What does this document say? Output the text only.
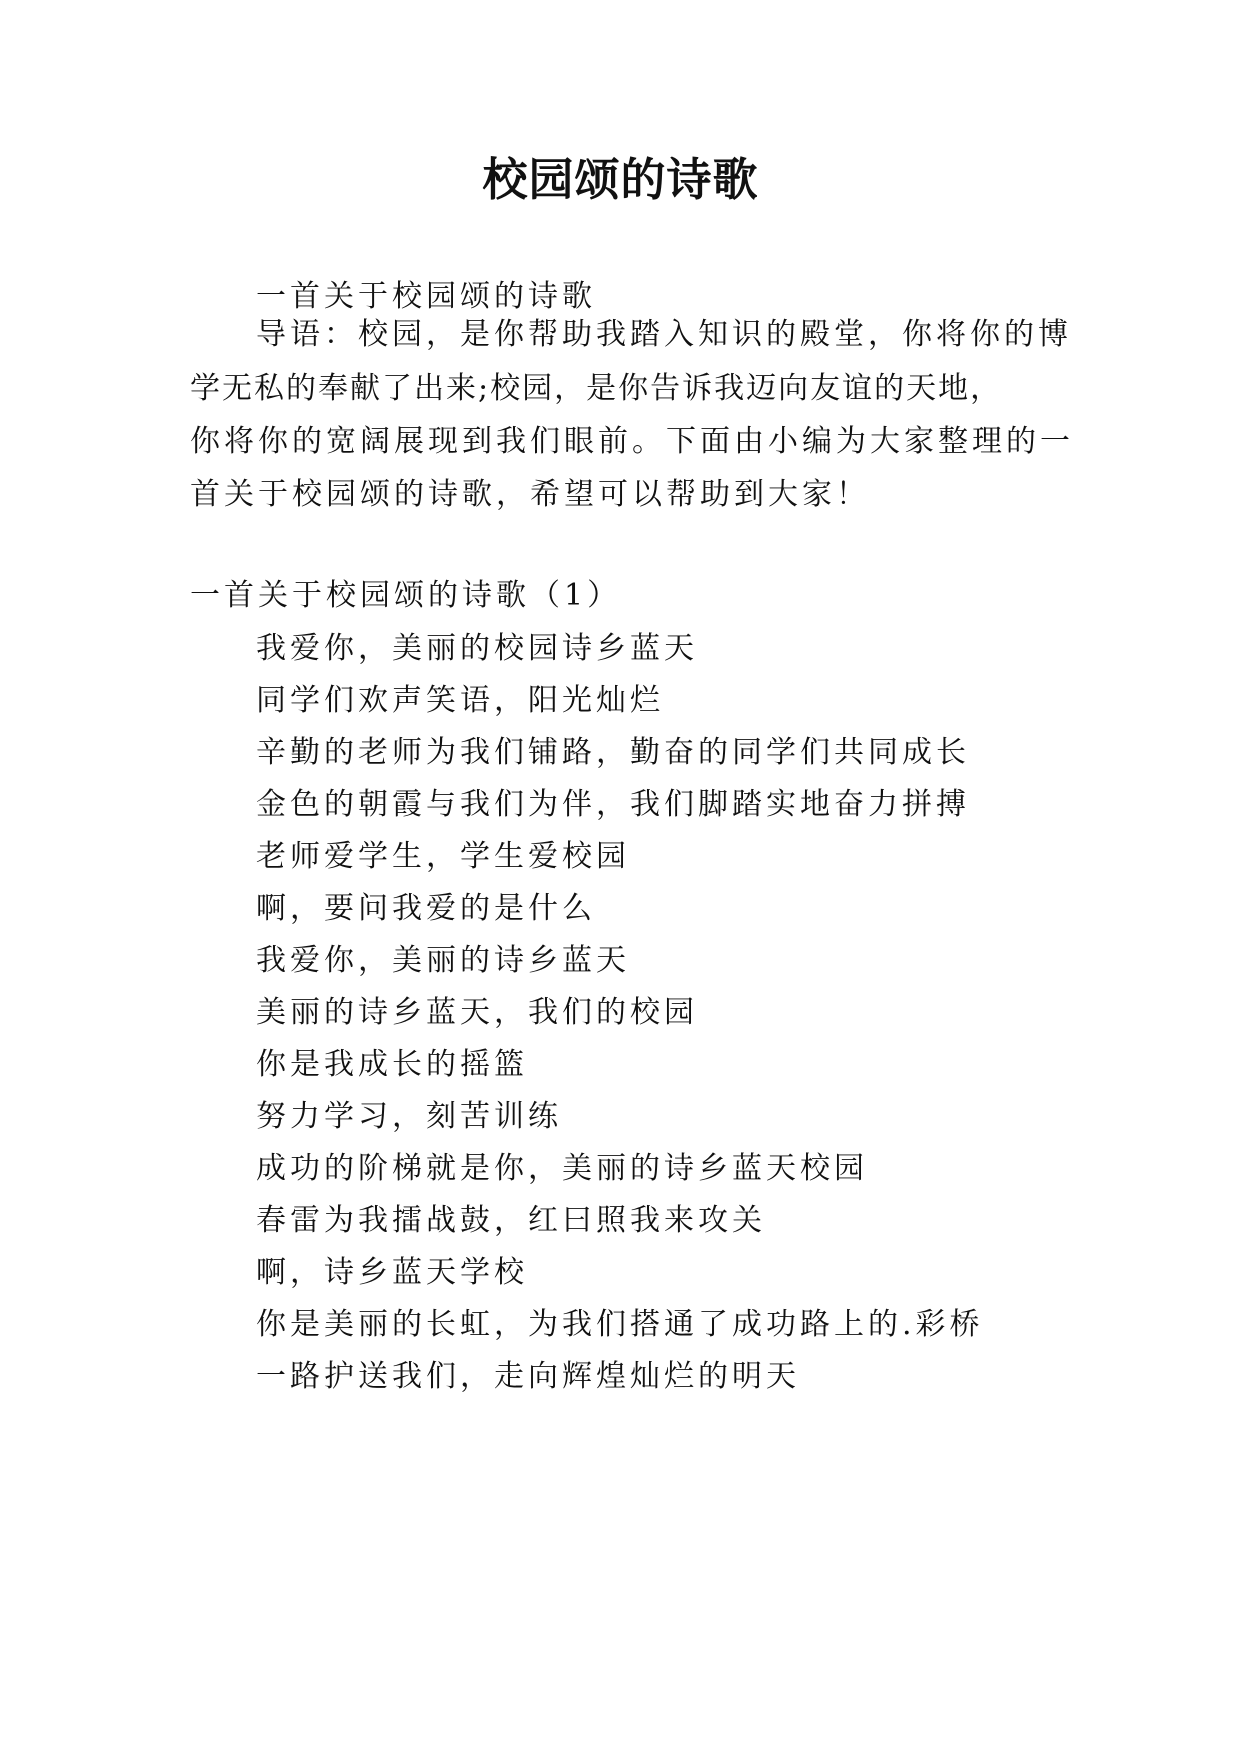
校园颂的诗歌
一首关于校园颂的诗歌
导语：校园，是你帮助我踏入知识的殿堂，你将你的博
学无私的奉献了出来;校园，是你告诉我迈向友谊的天地，
你将你的宽阔展现到我们眼前。下面由小编为大家整理的一
首关于校园颂的诗歌，希望可以帮助到大家！
一首关于校园颂的诗歌（1）
我爱你，美丽的校园诗乡蓝天
同学们欢声笑语，阳光灿烂
辛勤的老师为我们铺路，勤奋的同学们共同成长
金色的朝霞与我们为伴，我们脚踏实地奋力拼搏
老师爱学生，学生爱校园
啊，要问我爱的是什么
我爱你，美丽的诗乡蓝天
美丽的诗乡蓝天，我们的校园
你是我成长的摇篮
努力学习，刻苦训练
成功的阶梯就是你，美丽的诗乡蓝天校园
春雷为我擂战鼓，红曰照我来攻关
啊，诗乡蓝天学校
你是美丽的长虹，为我们搭通了成功路上的.彩桥
一路护送我们，走向辉煌灿烂的明天
